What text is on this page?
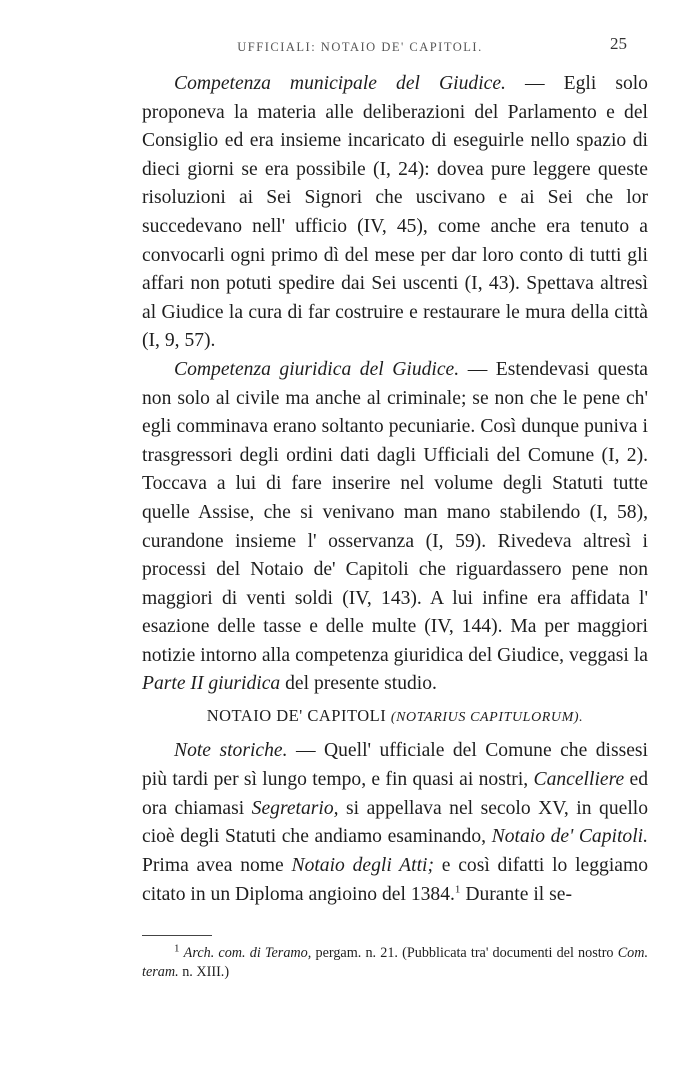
UFFICIALI: NOTAIO DE' CAPITOLI.	25

Competenza municipale del Giudice. — Egli solo proponeva la materia alle deliberazioni del Parlamento e del Consiglio ed era insieme incaricato di eseguirle nello spazio di dieci giorni se era possibile (I, 24): dovea pure leggere queste risoluzioni ai Sei Signori che uscivano e ai Sei che lor succedevano nell' ufficio (IV, 45), come anche era tenuto a convocarli ogni primo dì del mese per dar loro conto di tutti gli affari non potuti spedire dai Sei uscenti (I, 43). Spettava altresì al Giudice la cura di far costruire e restaurare le mura della città (I, 9, 57).

Competenza giuridica del Giudice. — Estendevasi questa non solo al civile ma anche al criminale; se non che le pene ch' egli comminava erano soltanto pecuniarie. Così dunque puniva i trasgressori degli ordini dati dagli Ufficiali del Comune (I, 2). Toccava a lui di fare inserire nel volume degli Statuti tutte quelle Assise, che si venivano man mano stabilendo (I, 58), curandone insieme l' osservanza (I, 59). Rivedeva altresì i processi del Notaio de' Capitoli che riguardassero pene non maggiori di venti soldi (IV, 143). A lui infine era affidata l' esazione delle tasse e delle multe (IV, 144). Ma per maggiori notizie intorno alla competenza giuridica del Giudice, veggasi la Parte II giuridica del presente studio.

NOTAIO DE' CAPITOLI (NOTARIUS CAPITULORUM).

Note storiche. — Quell' ufficiale del Comune che dissesi più tardi per sì lungo tempo, e fin quasi ai nostri, Cancelliere ed ora chiamasi Segretario, si appellava nel secolo XV, in quello cioè degli Statuti che andiamo esaminando, Notaio de' Capitoli. Prima avea nome Notaio degli Atti; e così difatti lo leggiamo citato in un Diploma angioino del 1384.$^1$ Durante il se-

$^1$ Arch. com. di Teramo, pergam. n. 21. (Pubblicata tra' documenti del nostro Com. teram. n. XIII.)
